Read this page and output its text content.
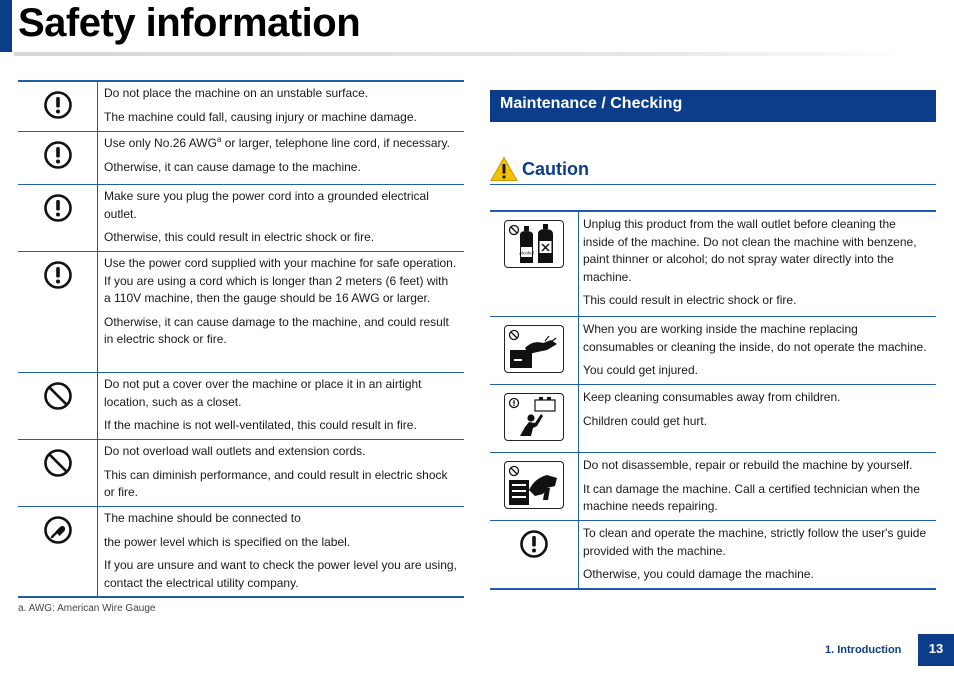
Safety information

Do not place the machine on an unstable surface.

The machine could fall, causing injury or machine damage.

Use only No.26 AWG$^a$ or larger, telephone line cord, if necessary.

Otherwise, it can cause damage to the machine.

Make sure you plug the power cord into a grounded electrical outlet.

Otherwise, this could result in electric shock or fire.

Use the power cord supplied with your machine for safe operation. If you are using a cord which is longer than 2 meters (6 feet) with a 110V machine, then the gauge should be 16 AWG or larger.

Otherwise, it can cause damage to the machine, and could result in electric shock or fire.

Do not put a cover over the machine or place it in an airtight location, such as a closet.

If the machine is not well-ventilated, this could result in fire.

Do not overload wall outlets and extension cords.

This can diminish performance, and could result in electric shock or fire.

The machine should be connected to

the power level which is specified on the label.

If you are unsure and want to check the power level you are using, contact the electrical utility company.

a. AWG: American Wire Gauge
Maintenance / Checking
Caution
Alcohol

Unplug this product from the wall outlet before cleaning the inside of the machine. Do not clean the machine with benzene, paint thinner or alcohol; do not spray water directly into the machine.

This could result in electric shock or fire.

When you are working inside the machine replacing consumables or cleaning the inside, do not operate the machine.

You could get injured.

Keep cleaning consumables away from children.

Children could get hurt.

Do not disassemble, repair or rebuild the machine by yourself.

It can damage the machine. Call a certified technician when the machine needs repairing.

To clean and operate the machine, strictly follow the user's guide provided with the machine.

Otherwise, you could damage the machine.

1. Introduction	13
